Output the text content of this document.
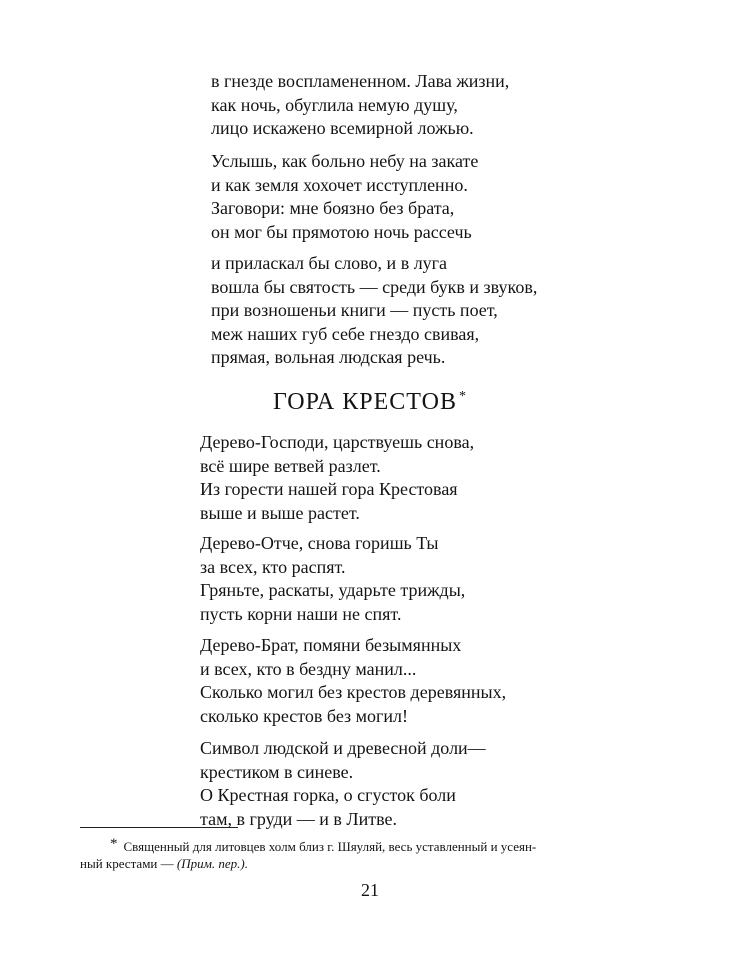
в гнезде воспламененном. Лава жизни,
как ночь, обуглила немую душу,
лицо искажено всемирной ложью.
Услышь, как больно небу на закате
и как земля хохочет исступленно.
Заговори: мне боязно без брата,
он мог бы прямотою ночь рассечь
и приласкал бы слово, и в луга
вошла бы святость — среди букв и звуков,
при возношеньи книги — пусть поет,
меж наших губ себе гнездо свивая,
прямая, вольная людская речь.
ГОРА КРЕСТОВ *
Дерево-Господи, царствуешь снова,
всё шире ветвей разлет.
Из горести нашей гора Крестовая
выше и выше растет.
Дерево-Отче, снова горишь Ты
за всех, кто распят.
Гряньте, раскаты, ударьте трижды,
пусть корни наши не спят.
Дерево-Брат, помяни безымянных
и всех, кто в бездну манил...
Сколько могил без крестов деревянных,
сколько крестов без могил!
Символ людской и древесной доли—
крестиком в синеве.
О Крестная горка, о сгусток боли
там, в груди — и в Литве.
* Священный для литовцев холм близ г. Шяуляй, весь уставленный и усеян-
ный крестами — (Прим. пер.).
21
